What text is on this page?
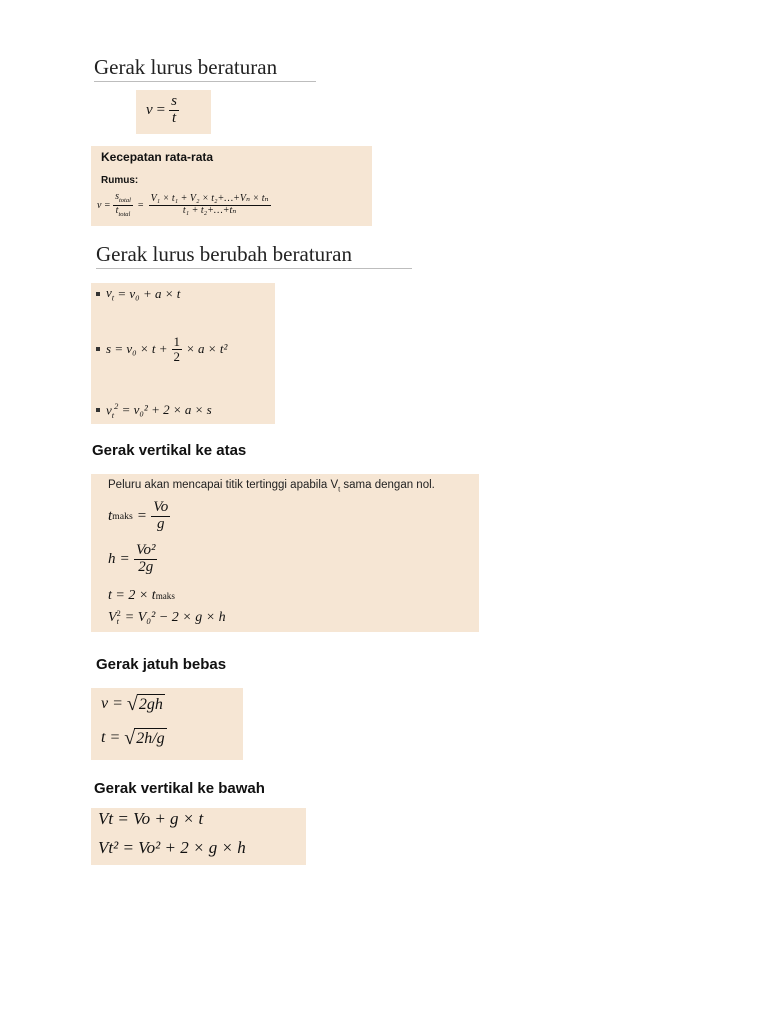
Gerak lurus beraturan
$v = \frac{s}{t}$
Kecepatan rata-rata
Rumus:
$v = \frac{s_{total}}{t_{total}} = \frac{\text{V₁ × t₁ + V₂ × t₂+…+Vₙ × tₙ}}{\text{t₁ + t₂+…+tₙ}}$
Gerak lurus berubah beraturan
$v_t$
= v₀ + a × t
s
= $v_0 \times t + \frac{1}{2} \times a \times t^2$
$v_t^2$
= v₀² + 2 × a × s
Gerak vertikal ke atas
Peluru akan mencapai titik tertinggi apabila $V_t$ sama dengan nol.
t maks = $\frac{Vo}{g}$
$h = \frac{\text{Vo²}}{2g}$
t = 2 × t maks
V 2
t = V₀² − 2 × g × h
Gerak jatuh bebas
v =
√ 2gh
t =
√ 2h/g
Gerak vertikal ke bawah
Vt = Vo + g × t
Vt² = Vo² + 2 × g × h
